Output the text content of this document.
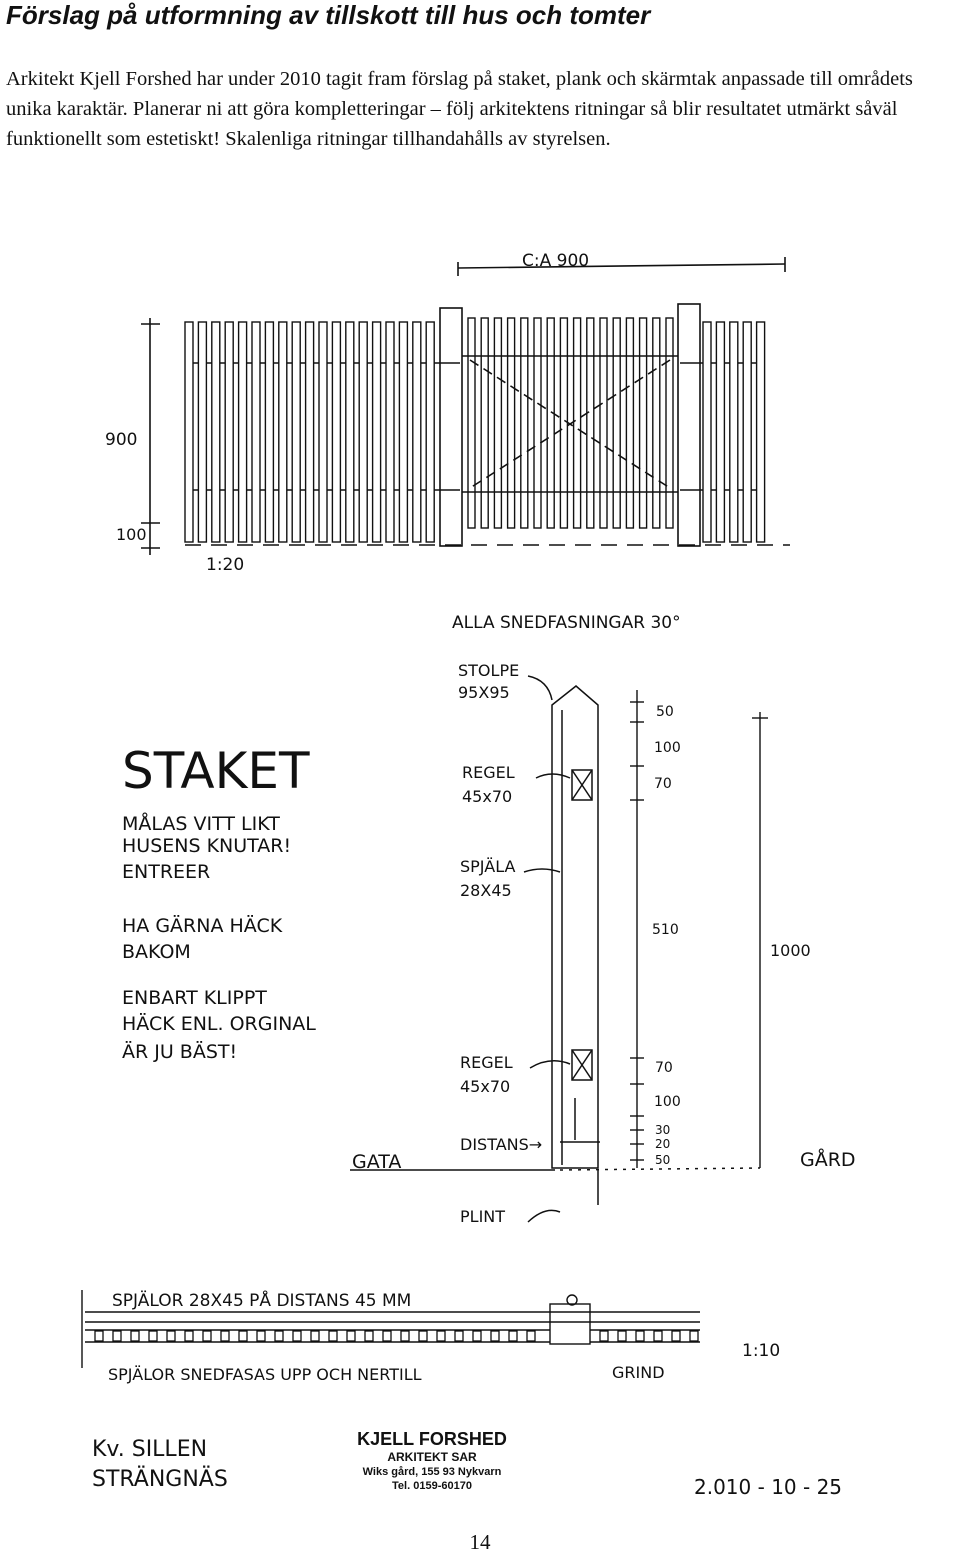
Förslag på utformning av tillskott till hus och tomter

Arkitekt Kjell Forshed har under 2010 tagit fram förslag på staket, plank och skärmtak anpassade till områdets unika karaktär. Planerar ni att göra kompletteringar – följ arkitektens ritningar så blir resultatet utmärkt såväl funktionellt som estetiskt! Skalenliga ritningar tillhandahålls av styrelsen.

C:A 900
900
100
1:20
ALLA SNEDFASNINGAR 30°
STAKET
MÅLAS VITT LIKT
HUSENS KNUTAR!
ENTREER
HA GÄRNA HÄCK
BAKOM
ENBART KLIPPT
HÄCK ENL. ORGINAL
ÄR JU BÄST!
STOLPE
95X95
REGEL
45x70
SPJÄLA
28X45
REGEL
45x70
DISTANS→
PLINT
50
100
70
510
70
100
30
20
50
1000
GATA	GÅRD
SPJÄLOR 28X45 PÅ DISTANS 45 MM
SPJÄLOR SNEDFASAS UPP OCH NERTILL	GRIND
1:10
Kv. SILLEN
STRÄNGNÄS
KJELL FORSHED
ARKITEKT SAR
Wiks gård, 155 93 Nykvarn
Tel. 0159-60170	2.010 - 10 - 25
14
